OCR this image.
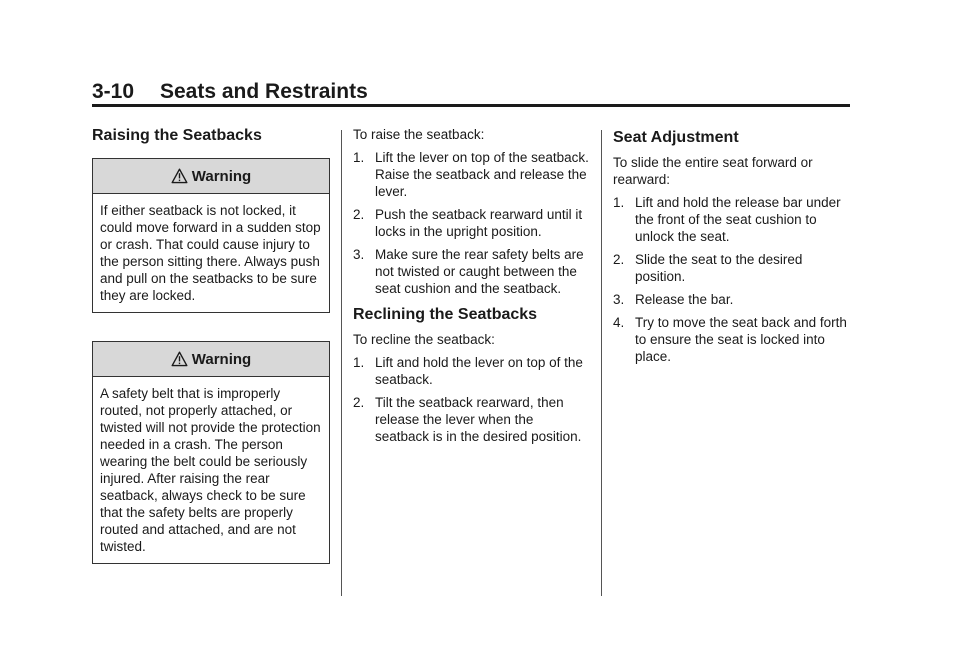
3-10 Seats and Restraints
Raising the Seatbacks
Warning
If either seatback is not locked, it could move forward in a sudden stop or crash. That could cause injury to the person sitting there. Always push and pull on the seatbacks to be sure they are locked.
Warning
A safety belt that is improperly routed, not properly attached, or twisted will not provide the protection needed in a crash. The person wearing the belt could be seriously injured. After raising the rear seatback, always check to be sure that the safety belts are properly routed and attached, and are not twisted.

To raise the seatback:

1. Lift the lever on top of the seatback. Raise the seatback and release the lever.
2. Push the seatback rearward until it locks in the upright position.
3. Make sure the rear safety belts are not twisted or caught between the seat cushion and the seatback.
Reclining the Seatbacks

To recline the seatback:

1. Lift and hold the lever on top of the seatback.
2. Tilt the seatback rearward, then release the lever when the seatback is in the desired position.
Seat Adjustment

To slide the entire seat forward or rearward:

1. Lift and hold the release bar under the front of the seat cushion to unlock the seat.
2. Slide the seat to the desired position.
3. Release the bar.
4. Try to move the seat back and forth to ensure the seat is locked into place.
